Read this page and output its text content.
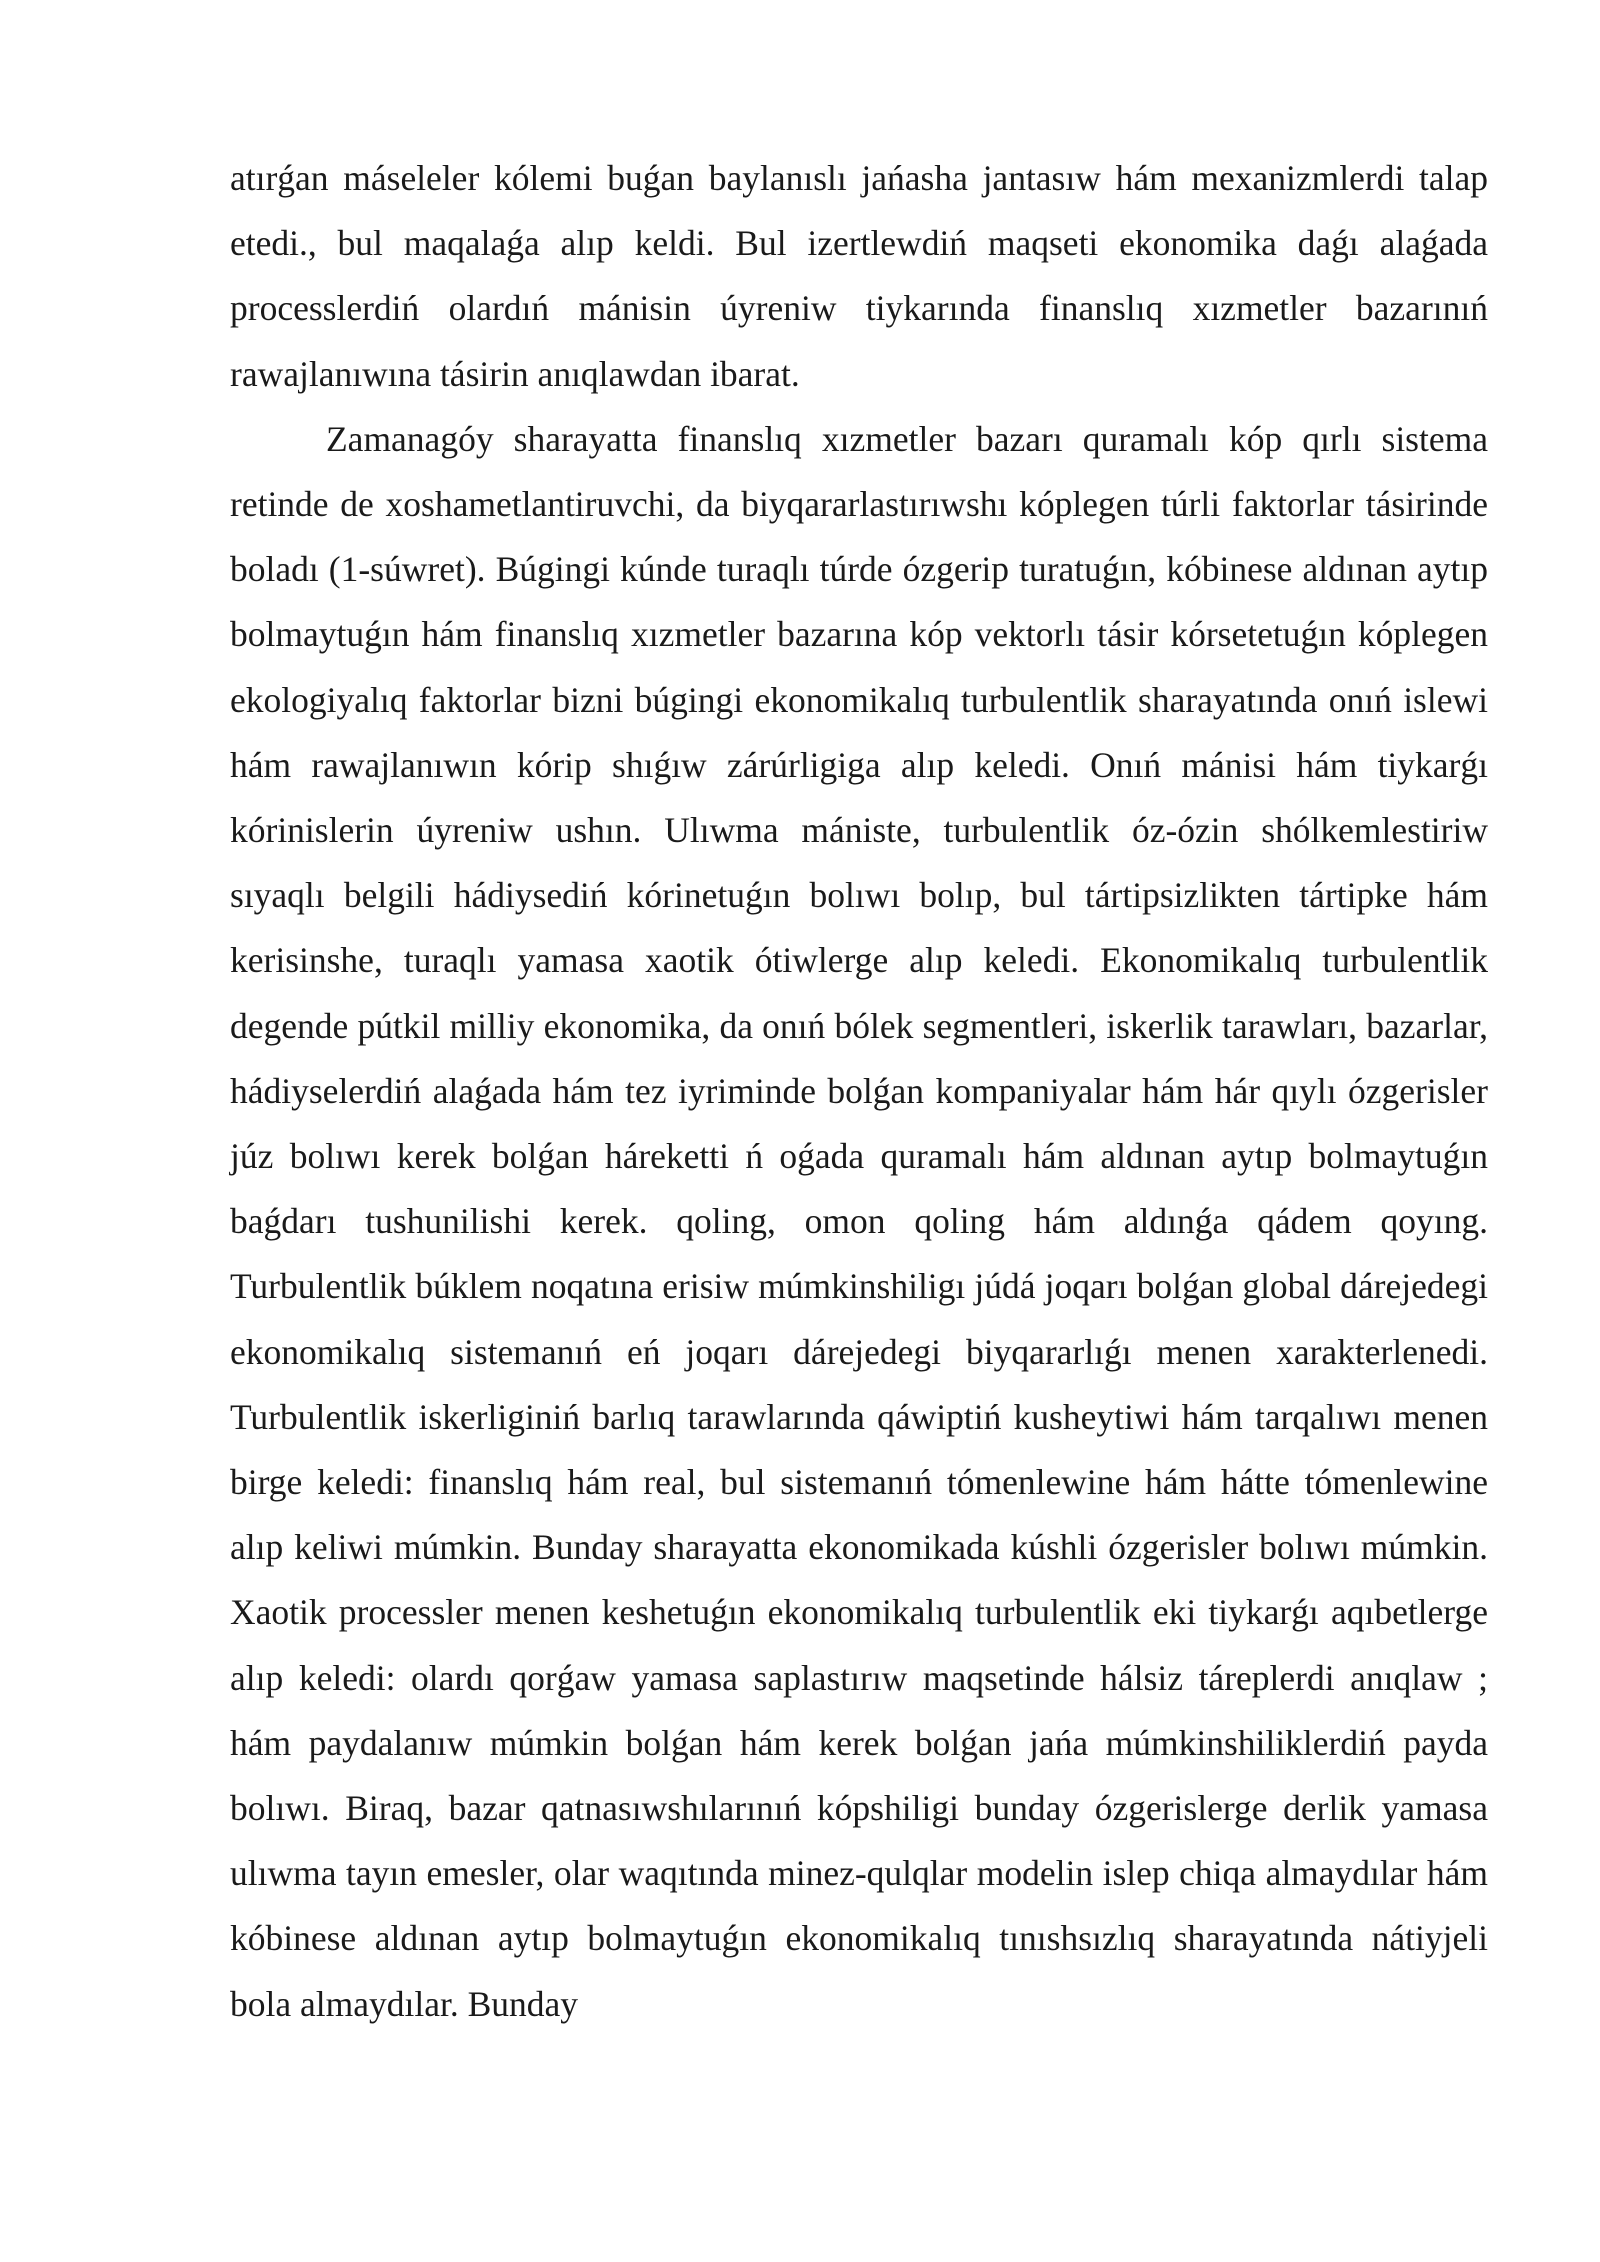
atırǵan máseleler kólemi buǵan baylanıslı jańasha jantasıw hám mexanizmlerdi talap etedi., bul maqalaǵa alıp keldi. Bul izertlewdiń maqseti ekonomika daǵı alaǵada processlerdiń olardıń mánisin úyreniw tiykarında finanslıq xızmetler bazarınıń rawajlanıwına tásirin anıqlawdan ibarat.

Zamanagóy sharayatta finanslıq xızmetler bazarı quramalı kóp qırlı sistema retinde de xoshametlantiruvchi, da biyqararlastırıwshı kóplegen túrli faktorlar tásirinde boladı (1-súwret). Búgingi kúnde turaqlı túrde ózgerip turatuǵın, kóbinese aldınan aytıp bolmaytuǵın hám finanslıq xızmetler bazarına kóp vektorlı tásir kórsetetuǵın kóplegen ekologiyalıq faktorlar bizni búgingi ekonomikalıq turbulentlik sharayatında onıń islewi hám rawajlanıwın kórip shıǵıw zárúrligiga alıp keledi. Onıń mánisi hám tiykarǵı kórinislerin úyreniw ushın. Ulıwma mániste, turbulentlik óz-ózin shólkemlestiriw sıyaqlı belgili hádiysediń kórinetuǵın bolıwı bolıp, bul tártipsizlikten tártipke hám kerisinshe, turaqlı yamasa xaotik ótiwlerge alıp keledi. Ekonomikalıq turbulentlik degende pútkil milliy ekonomika, da onıń bólek segmentleri, iskerlik tarawları, bazarlar, hádiyselerdiń alaǵada hám tez iyriminde bolǵan kompaniyalar hám hár qıylı ózgerisler júz bolıwı kerek bolǵan háreketti ń oǵada quramalı hám aldınan aytıp bolmaytuǵın baǵdarı tushunilishi kerek. qoling, omon qoling hám aldınǵa qádem qoyıng. Turbulentlik búklem noqatına erisiw múmkinshiligı júdá joqarı bolǵan global dárejedegi ekonomikalıq sistemanıń eń joqarı dárejedegi biyqararlıǵı menen xarakterlenedi. Turbulentlik iskerliginiń barlıq tarawlarında qáwiptiń kusheytiwi hám tarqalıwı menen birge keledi: finanslıq hám real, bul sistemanıń tómenlewine hám hátte tómenlewine alıp keliwi múmkin. Bunday sharayatta ekonomikada kúshli ózgerisler bolıwı múmkin. Xaotik processler menen keshetuǵın ekonomikalıq turbulentlik eki tiykarǵı aqıbetlerge alıp keledi: olardı qorǵaw yamasa saplastırıw maqsetinde hálsiz táreplerdi anıqlaw ; hám paydalanıw múmkin bolǵan hám kerek bolǵan jańa múmkinshiliklerdiń payda bolıwı. Biraq, bazar qatnasıwshılarınıń kópshiligi bunday ózgerislerge derlik yamasa ulıwma tayın emesler, olar waqıtında minez-qulqlar modelin islep chiqa almaydılar hám kóbinese aldınan aytıp bolmaytuǵın ekonomikalıq tınıshsızlıq sharayatında nátiyjeli bola almaydılar. Bunday
